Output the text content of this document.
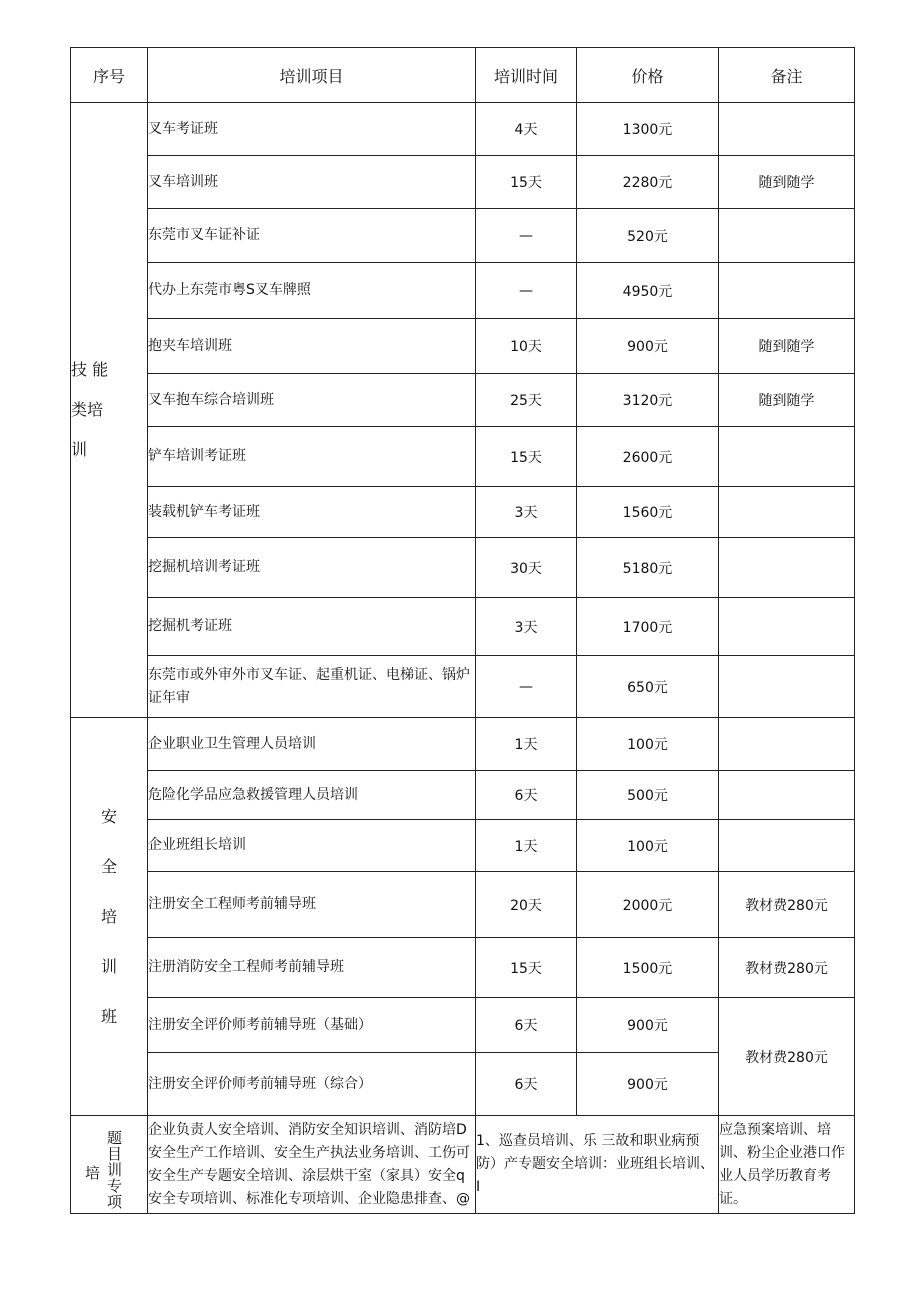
序号	培训项目	培训时间	价格	备注

技 能
类培
训	叉车考证班	4天	1300元	
	叉车培训班	15天	2280元	随到随学
	东莞市叉车证补证	—	520元	
	代办上东莞市粤S叉车牌照	—	4950元	
	抱夹车培训班	10天	900元	随到随学
	叉车抱车综合培训班	25天	3120元	随到随学
	铲车培训考证班	15天	2600元	
	装载机铲车考证班	3天	1560元	
	挖掘机培训考证班	30天	5180元	
	挖掘机考证班	3天	1700元	
	东莞市或外审外市叉车证、起重机证、电梯证、锅炉证年审	—	650元	

安
全
培
训
班	企业职业卫生管理人员培训	1天	100元	
	危险化学品应急救援管理人员培训	6天	500元	
	企业班组长培训	1天	100元	
	注册安全工程师考前辅导班	20天	2000元	教材费280元
	注册消防安全工程师考前辅导班	15天	1500元	教材费280元
	注册安全评价师考前辅导班（基础）	6天	900元	教材费280元
	注册安全评价师考前辅导班（综合）	6天	900元	

题目训专项
培	企业负责人安全培训、消防安全知识培训、消防培D安全生产工作培训、安全生产执法业务培训、工伤可安全生产专题安全培训、涂层烘干室（家具）安全q安全专项培训、标准化专项培训、企业隐患排查、@	1、巡查员培训、乐 三故和职业病预防）产专题安全培训：业班组长培训、I		应急预案培训、培训、粉尘企业港口作业人员学历教育考证。
